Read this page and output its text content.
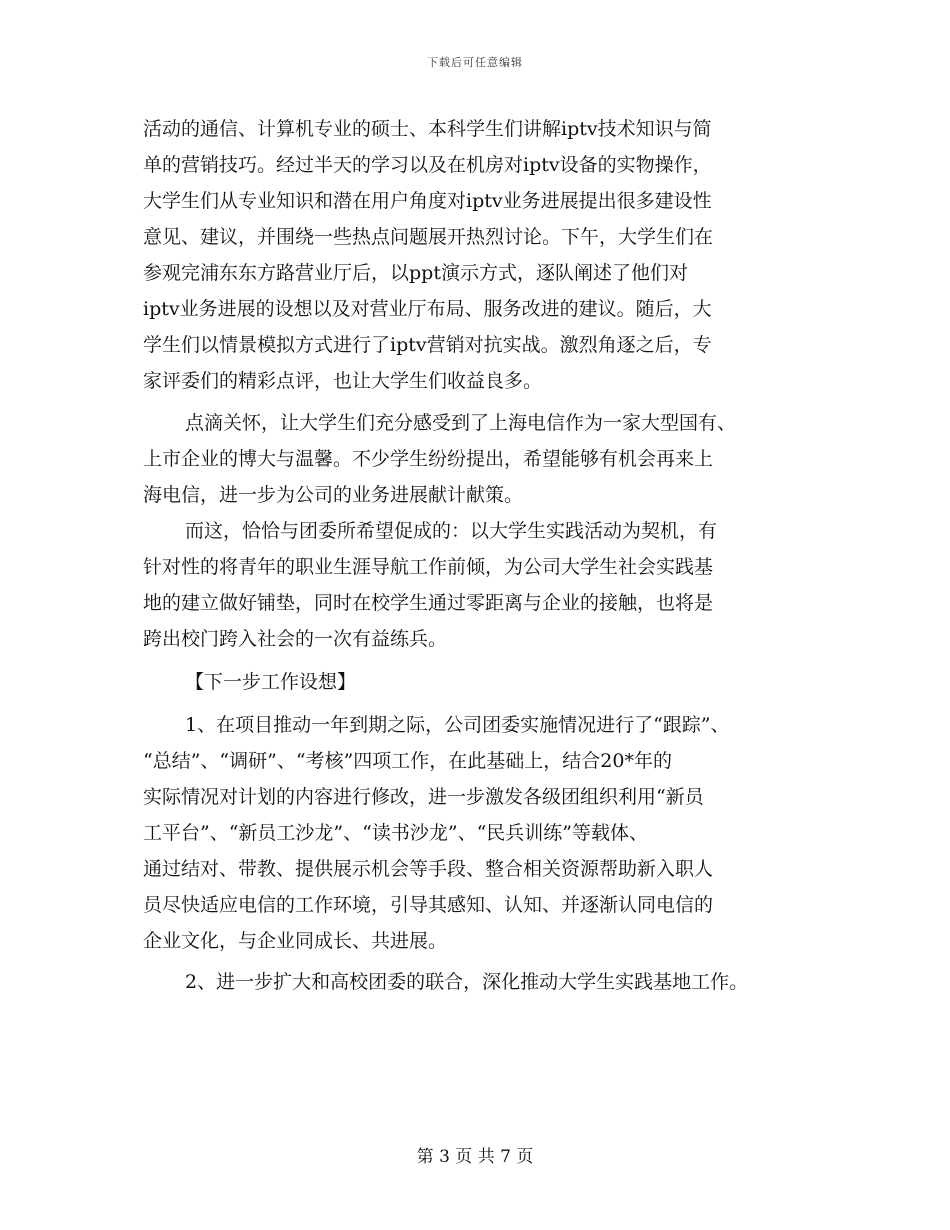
下载后可任意编辑
活动的通信、计算机专业的硕士、本科学生们讲解iptv技术知识与简
单的营销技巧。经过半天的学习以及在机房对iptv设备的实物操作，
大学生们从专业知识和潜在用户角度对iptv业务进展提出很多建设性
意见、建议，并围绕一些热点问题展开热烈讨论。下午，大学生们在
参观完浦东东方路营业厅后，以ppt演示方式，逐队阐述了他们对
iptv业务进展的设想以及对营业厅布局、服务改进的建议。随后，大
学生们以情景模拟方式进行了iptv营销对抗实战。激烈角逐之后，专
家评委们的精彩点评，也让大学生们收益良多。
点滴关怀，让大学生们充分感受到了上海电信作为一家大型国有、
上市企业的博大与温馨。不少学生纷纷提出，希望能够有机会再来上
海电信，进一步为公司的业务进展献计献策。
而这，恰恰与团委所希望促成的：以大学生实践活动为契机，有
针对性的将青年的职业生涯导航工作前倾，为公司大学生社会实践基
地的建立做好铺垫，同时在校学生通过零距离与企业的接触，也将是
跨出校门跨入社会的一次有益练兵。
【下一步工作设想】
1、在项目推动一年到期之际，公司团委实施情况进行了“跟踪”、
“总结”、“调研”、“考核”四项工作，在此基础上，结合20*年的
实际情况对计划的内容进行修改，进一步激发各级团组织利用“新员
工平台”、“新员工沙龙”、“读书沙龙”、“民兵训练”等载体、
通过结对、带教、提供展示机会等手段、整合相关资源帮助新入职人
员尽快适应电信的工作环境，引导其感知、认知、并逐渐认同电信的
企业文化，与企业同成长、共进展。
2、进一步扩大和高校团委的联合，深化推动大学生实践基地工作。
第 3 页 共 7 页
